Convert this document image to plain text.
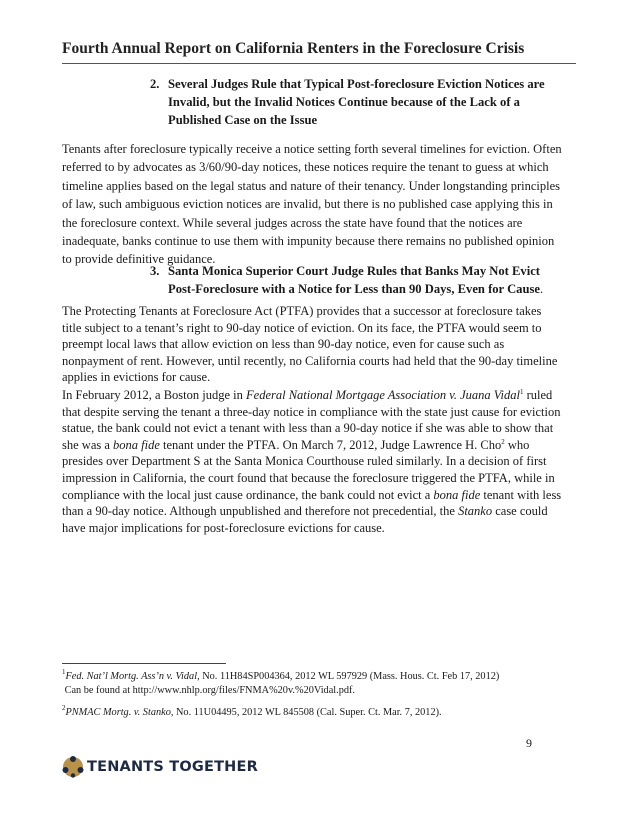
Fourth Annual Report on California Renters in the Foreclosure Crisis
2. Several Judges Rule that Typical Post-foreclosure Eviction Notices are Invalid, but the Invalid Notices Continue because of the Lack of a Published Case on the Issue
Tenants after foreclosure typically receive a notice setting forth several timelines for eviction. Often referred to by advocates as 3/60/90-day notices, these notices require the tenant to guess at which timeline applies based on the legal status and nature of their tenancy. Under longstanding principles of law, such ambiguous eviction notices are invalid, but there is no published case applying this in the foreclosure context. While several judges across the state have found that the notices are inadequate, banks continue to use them with impunity because there remains no published opinion to provide definitive guidance.
3. Santa Monica Superior Court Judge Rules that Banks May Not Evict Post-Foreclosure with a Notice for Less than 90 Days, Even for Cause.
The Protecting Tenants at Foreclosure Act (PTFA) provides that a successor at foreclosure takes title subject to a tenant’s right to 90-day notice of eviction. On its face, the PTFA would seem to preempt local laws that allow eviction on less than 90-day notice, even for cause such as nonpayment of rent. However, until recently, no California courts had held that the 90-day timeline applies in evictions for cause.
In February 2012, a Boston judge in Federal National Mortgage Association v. Juana Vidal$^1$ ruled that despite serving the tenant a three-day notice in compliance with the state just cause for eviction statue, the bank could not evict a tenant with less than a 90-day notice if she was able to show that she was a bona fide tenant under the PTFA. On March 7, 2012, Judge Lawrence H. Cho$^2$ who presides over Department S at the Santa Monica Courthouse ruled similarly. In a decision of first impression in California, the court found that because the foreclosure triggered the PTFA, while in compliance with the local just cause ordinance, the bank could not evict a bona fide tenant with less than a 90-day notice. Although unpublished and therefore not precedential, the Stanko case could have major implications for post-foreclosure evictions for cause.
$^1$Fed. Nat’l Mortg. Ass’n v. Vidal, No. 11H84SP004364, 2012 WL 597929 (Mass. Hous. Ct. Feb 17, 2012)
Can be found at http://www.nhlp.org/files/FNMA%20v.%20Vidal.pdf.
$^2$PNMAC Mortg. v. Stanko, No. 11U04495, 2012 WL 845508 (Cal. Super. Ct. Mar. 7, 2012).
9
TENANTS TOGETHER
